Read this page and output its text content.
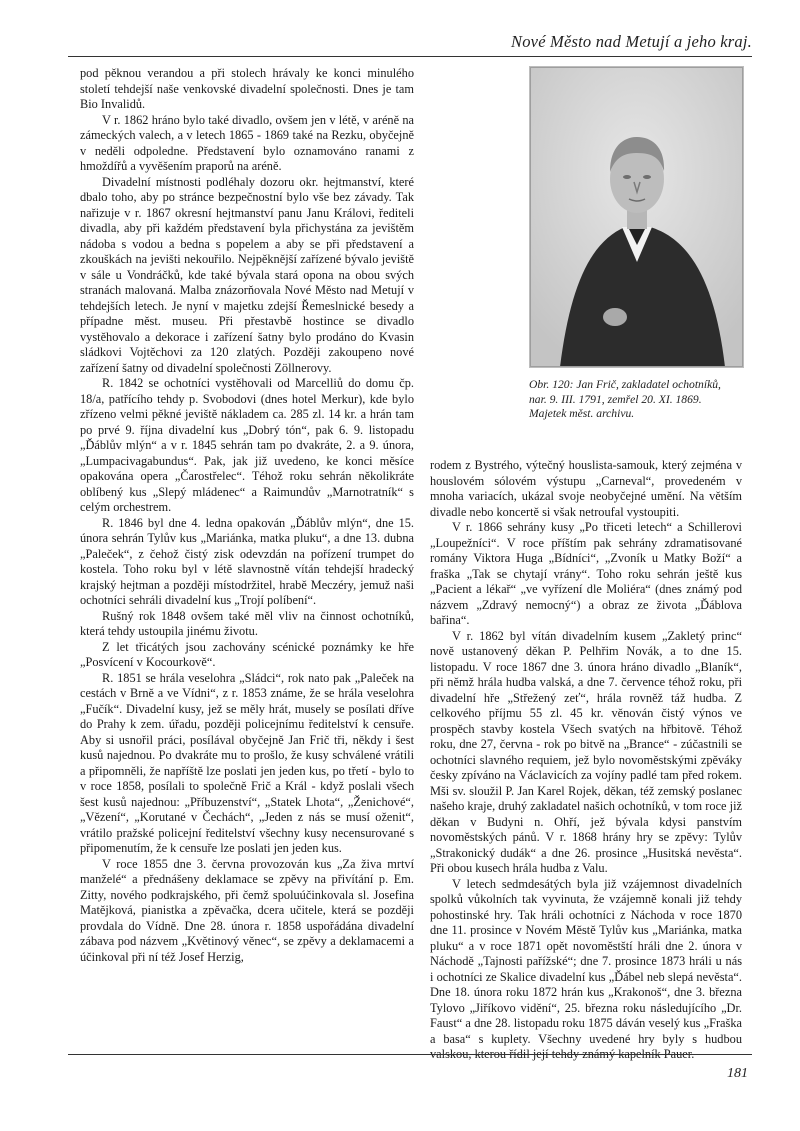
Nové Město nad Metují a jeho kraj.

pod pěknou verandou a při stolech hrávaly ke konci minulého století tehdejší naše venkovské divadelní společnosti. Dnes je tam Bio Invalidů.

V r. 1862 hráno bylo také divadlo, ovšem jen v létě, v aréně na zámeckých valech, a v letech 1865 - 1869 také na Rezku, obyčejně v neděli odpoledne. Představení bylo oznamováno ranami z hmoždířů a vyvěšením praporů na aréně.

Divadelní místnosti podléhaly dozoru okr. hejtmanství, které dbalo toho, aby po stránce bezpečnostní bylo vše bez závady. Tak nařizuje v r. 1867 okresní hejtmanství panu Janu Královi, řediteli divadla, aby při každém představení byla přichystána za jevištěm nádoba s vodou a bedna s popelem a aby se při představení a zkouškách na jevišti nekouřilo. Nejpěknější zařízené bývalo jeviště v sále u Vondráčků, kde také bývala stará opona na obou svých stranách malovaná. Malba znázorňovala Nové Město nad Metují v tehdejších letech. Je nyní v majetku zdejší Řemeslnické besedy a případne měst. museu. Při přestavbě hostince se divadlo vystěhovalo a dekorace i zařízení šatny bylo prodáno do Kvasin sládkovi Vojtěchovi za 120 zlatých. Později zakoupeno nové zařízení šatny od divadelní společnosti Zöllnerovy.

R. 1842 se ochotníci vystěhovali od Marcelliů do domu čp. 18/a, patřícího tehdy p. Svobodovi (dnes hotel Merkur), kde bylo zřízeno velmi pěkné jeviště nákladem ca. 285 zl. 14 kr. a hrán tam po prvé 9. října divadelní kus „Dobrý tón“, pak 6. 9. listopadu „Ďáblův mlýn“ a v r. 1845 sehrán tam po dvakráte, 2. a 9. února, „Lumpacivagabundus“. Pak, jak již uvedeno, ke konci měsíce opakována opera „Čarostřelec“. Téhož roku sehrán několikráte oblíbený kus „Slepý mládenec“ a Raimundův „Marnotratník“ s celým orchestrem.

R. 1846 byl dne 4. ledna opakován „Ďáblův mlýn“, dne 15. února sehrán Tylův kus „Mariánka, matka pluku“, a dne 13. dubna „Paleček“, z čehož čistý zisk odevzdán na pořízení trumpet do kostela. Toho roku byl v létě slavnostně vítán tehdejší hradecký krajský hejtman a později místodržitel, hrabě Meczéry, jemuž naši ochotníci sehráli divadelní kus „Trojí políbení“.

Rušný rok 1848 ovšem také měl vliv na činnost ochotníků, která tehdy ustoupila jinému životu.

Z let třicátých jsou zachovány scénické poznámky ke hře „Posvícení v Kocourkově“.

R. 1851 se hrála veselohra „Sládci“, rok nato pak „Paleček na cestách v Brně a ve Vídni“, z r. 1853 známe, že se hrála veselohra „Fučík“. Divadelní kusy, jež se měly hrát, musely se posílati dříve do Prahy k zem. úřadu, později policejnímu ředitelství k censuře. Aby si usnořil práci, posílával obyčejně Jan Frič tři, někdy i šest kusů najednou. Po dvakráte mu to prošlo, že kusy schválené vrátili a připomněli, že napříště lze poslati jen jeden kus, po třetí - bylo to v roce 1858, posílali to společně Frič a Král - když poslali všech šest kusů najednou: „Příbuzenství“, „Statek Lhota“, „Ženichové“, „Vězení“, „Korutané v Čechách“, „Jeden z nás se musí oženit“, vrátilo pražské policejní ředitelství všechny kusy necensurované s připomenutím, že k censuře lze poslati jen jeden kus.

V roce 1855 dne 3. června provozován kus „Za živa mrtví manželé“ a přednášeny deklamace se zpěvy na přivítání p. Em. Zitty, nového podkrajského, při čemž spoluúčinkovala sl. Josefina Matějková, pianistka a zpěvačka, dcera učitele, která se později provdala do Vídně. Dne 28. února r. 1858 uspořádána divadelní zábava pod názvem „Květinový věnec“, se zpěvy a deklamacemi a účinkoval při ní též Josef Herzig,

Obr. 120: Jan Frič, zakladatel ochotníků,
nar. 9. III. 1791, zemřel 20. XI. 1869.
Majetek měst. archivu.

rodem z Bystrého, výtečný houslista-samouk, který zejména v houslovém sólovém výstupu „Carneval“, provedeném v mnoha variacích, ukázal svoje neobyčejné umění. Na větším divadle nebo koncertě si však netroufal vystoupiti.

V r. 1866 sehrány kusy „Po třiceti letech“ a Schillerovi „Loupežníci“. V roce příštím pak sehrány zdramatisované romány Viktora Huga „Bídníci“, „Zvoník u Matky Boží“ a fraška „Tak se chytají vrány“. Toho roku sehrán ještě kus „Pacient a lékař“ „ve vyřízení dle Moliéra“ (dnes známý pod názvem „Zdravý nemocný“) a obraz ze života „Ďáblova bařina“.

V r. 1862 byl vítán divadelním kusem „Zakletý princ“ nově ustanovený děkan P. Pelhřim Novák, a to dne 15. listopadu. V roce 1867 dne 3. února hráno divadlo „Blaník“, při němž hrála hudba valská, a dne 7. července téhož roku, při divadelní hře „Střežený zeť“, hrála rovněž táž hudba. Z celkového příjmu 55 zl. 45 kr. věnován čistý výnos ve prospěch stavby kostela Všech svatých na hřbitově. Téhož roku, dne 27, června - rok po bitvě na „Brance“ - zúčastnili se ochotníci slavného requiem, jež bylo novoměstskými zpěváky česky zpíváno na Václavicích za vojíny padlé tam před rokem. Mši sv. sloužil P. Jan Karel Rojek, děkan, též zemský poslanec našeho kraje, druhý zakladatel našich ochotníků, v tom roce již děkan v Budyni n. Ohří, jež bývala kdysi panstvím novoměstských pánů. V r. 1868 hrány hry se zpěvy: Tylův „Strakonický dudák“ a dne 26. prosince „Husitská nevěsta“. Při obou kusech hrála hudba z Valu.

V letech sedmdesátých byla již vzájemnost divadelních spolků vůkolních tak vyvinuta, že vzájemně konali již tehdy pohostinské hry. Tak hráli ochotníci z Náchoda v roce 1870 dne 11. prosince v Novém Městě Tylův kus „Mariánka, matka pluku“ a v roce 1871 opět novoměstští hráli dne 2. února v Náchodě „Tajnosti pařížské“; dne 7. prosince 1873 hráli u nás i ochotníci ze Skalice divadelní kus „Ďábel neb slepá nevěsta“. Dne 18. února roku 1872 hrán kus „Krakonoš“, dne 3. března Tylovo „Jiříkovo vidění“, 25. března roku následujícího „Dr. Faust“ a dne 28. listopadu roku 1875 dáván veselý kus „Fraška a basa“ s kuplety. Všechny uvedené hry byly s hudbou valskou, kterou řídil její tehdy známý kapelník Pauer.

181
